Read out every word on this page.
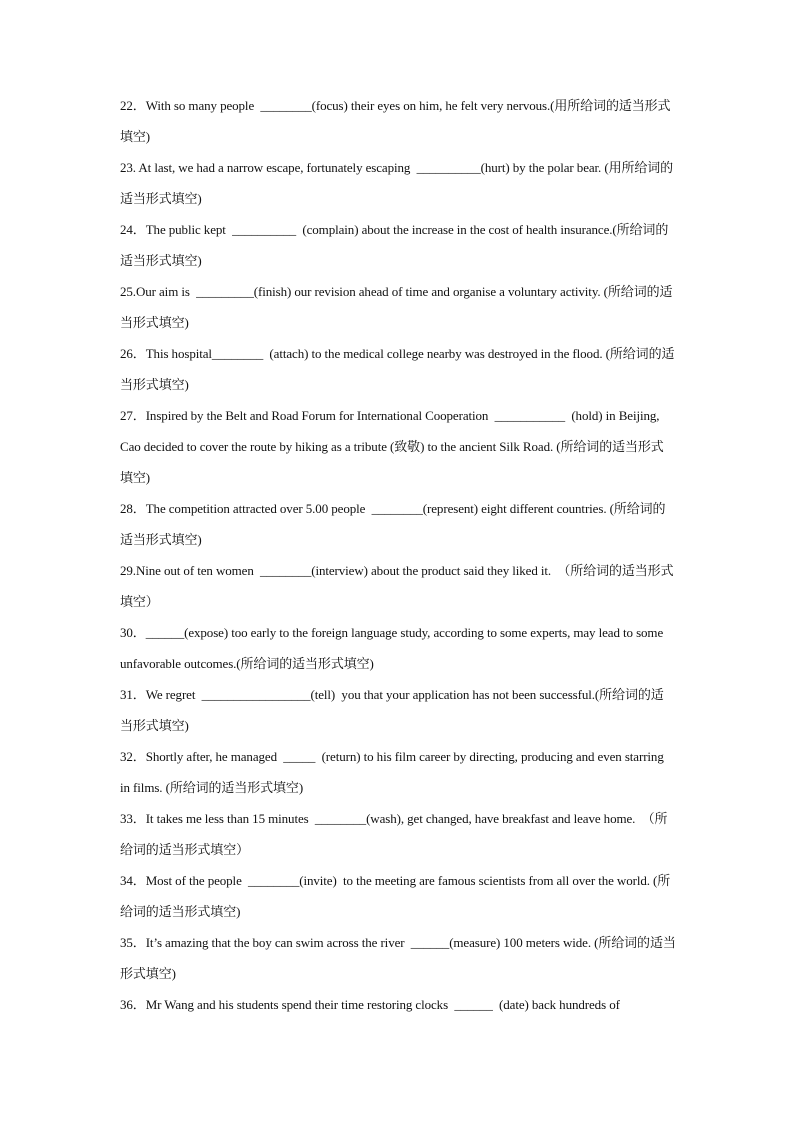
22．With so many people  ________(focus) their eyes on him, he felt very nervous.(用所给词的适当形式填空)

23. At last, we had a narrow escape, fortunately escaping  __________(hurt) by the polar bear. (用所给词的适当形式填空)

24．The public kept  __________  (complain) about the increase in the cost of health insurance.(所给词的适当形式填空)

25.Our aim is  _________(finish) our revision ahead of time and organise a voluntary activity. (所给词的适当形式填空)

26．This hospital________  (attach) to the medical college nearby was destroyed in the flood. (所给词的适当形式填空)

27．Inspired by the Belt and Road Forum for International Cooperation  ___________  (hold) in Beijing,  Cao decided to cover the route by hiking as a tribute (致敬) to the ancient Silk Road. (所给词的适当形式填空)

28．The competition attracted over 5.00 people  ________(represent) eight different countries. (所给词的适当形式填空)

29.Nine out of ten women  ________(interview) about the product said they liked it.  （所给词的适当形式填空）

30．______(expose) too early to the foreign language study, according to some experts, may lead to some unfavorable outcomes.(所给词的适当形式填空)

31．We regret  _________________(tell)  you that your application has not been successful.(所给词的适当形式填空)

32．Shortly after, he managed  _____  (return) to his film career by directing, producing and even starring in films. (所给词的适当形式填空)

33．It takes me less than 15 minutes  ________(wash), get changed, have breakfast and leave home.  （所给词的适当形式填空）

34．Most of the people  ________(invite)  to the meeting are famous scientists from all over the world. (所给词的适当形式填空)

35．It’s amazing that the boy can swim across the river  ______(measure) 100 meters wide. (所给词的适当形式填空)

36．Mr Wang and his students spend their time restoring clocks  ______  (date) back hundreds of
